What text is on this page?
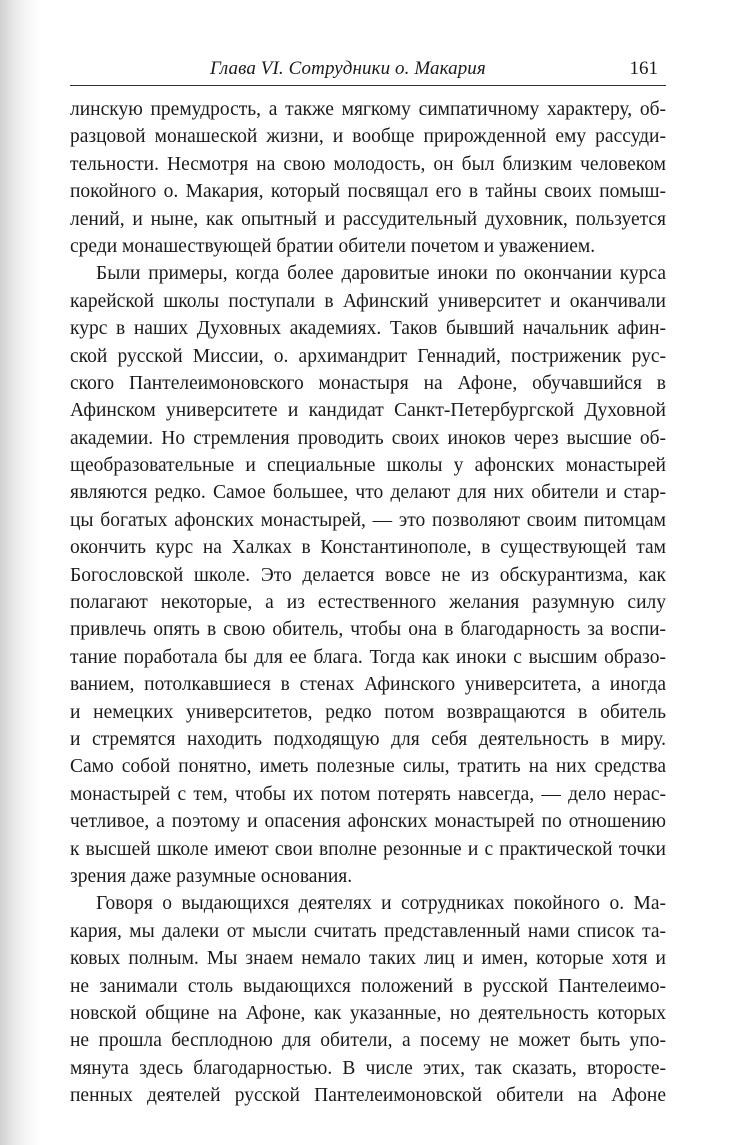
Глава VI. Сотрудники о. Макария	161
линскую премудрость, а также мягкому симпатичному характеру, об-
разцовой монашеской жизни, и вообще прирожденной ему рассуди-
тельности. Несмотря на свою молодость, он был близким человеком
покойного о. Макария, который посвящал его в тайны своих помыш-
лений, и ныне, как опытный и рассудительный духовник, пользуется
среди монашествующей братии обители почетом и уважением.
Были примеры, когда более даровитые иноки по окончании курса
карейской школы поступали в Афинский университет и оканчивали
курс в наших Духовных академиях. Таков бывший начальник афин-
ской русской Миссии, о. архимандрит Геннадий, постриженик рус-
ского Пантелеимоновского монастыря на Афоне, обучавшийся в
Афинском университете и кандидат Санкт-Петербургской Духовной
академии. Но стремления проводить своих иноков через высшие об-
щеобразовательные и специальные школы у афонских монастырей
являются редко. Самое большее, что делают для них обители и стар-
цы богатых афонских монастырей, — это позволяют своим питомцам
окончить курс на Халках в Константинополе, в существующей там
Богословской школе. Это делается вовсе не из обскурантизма, как
полагают некоторые, а из естественного желания разумную силу
привлечь опять в свою обитель, чтобы она в благодарность за воспи-
тание поработала бы для ее блага. Тогда как иноки с высшим образо-
ванием, потолкавшиеся в стенах Афинского университета, а иногда
и немецких университетов, редко потом возвращаются в обитель
и стремятся находить подходящую для себя деятельность в миру.
Само собой понятно, иметь полезные силы, тратить на них средства
монастырей с тем, чтобы их потом потерять навсегда, — дело нерас-
четливое, а поэтому и опасения афонских монастырей по отношению
к высшей школе имеют свои вполне резонные и с практической точки
зрения даже разумные основания.
Говоря о выдающихся деятелях и сотрудниках покойного о. Ма-
кария, мы далеки от мысли считать представленный нами список та-
ковых полным. Мы знаем немало таких лиц и имен, которые хотя и
не занимали столь выдающихся положений в русской Пантелеимо-
новской общине на Афоне, как указанные, но деятельность которых
не прошла бесплодною для обители, а посему не может быть упо-
мянута здесь благодарностью. В числе этих, так сказать, второсте-
пенных деятелей русской Пантелеимоновской обители на Афоне
